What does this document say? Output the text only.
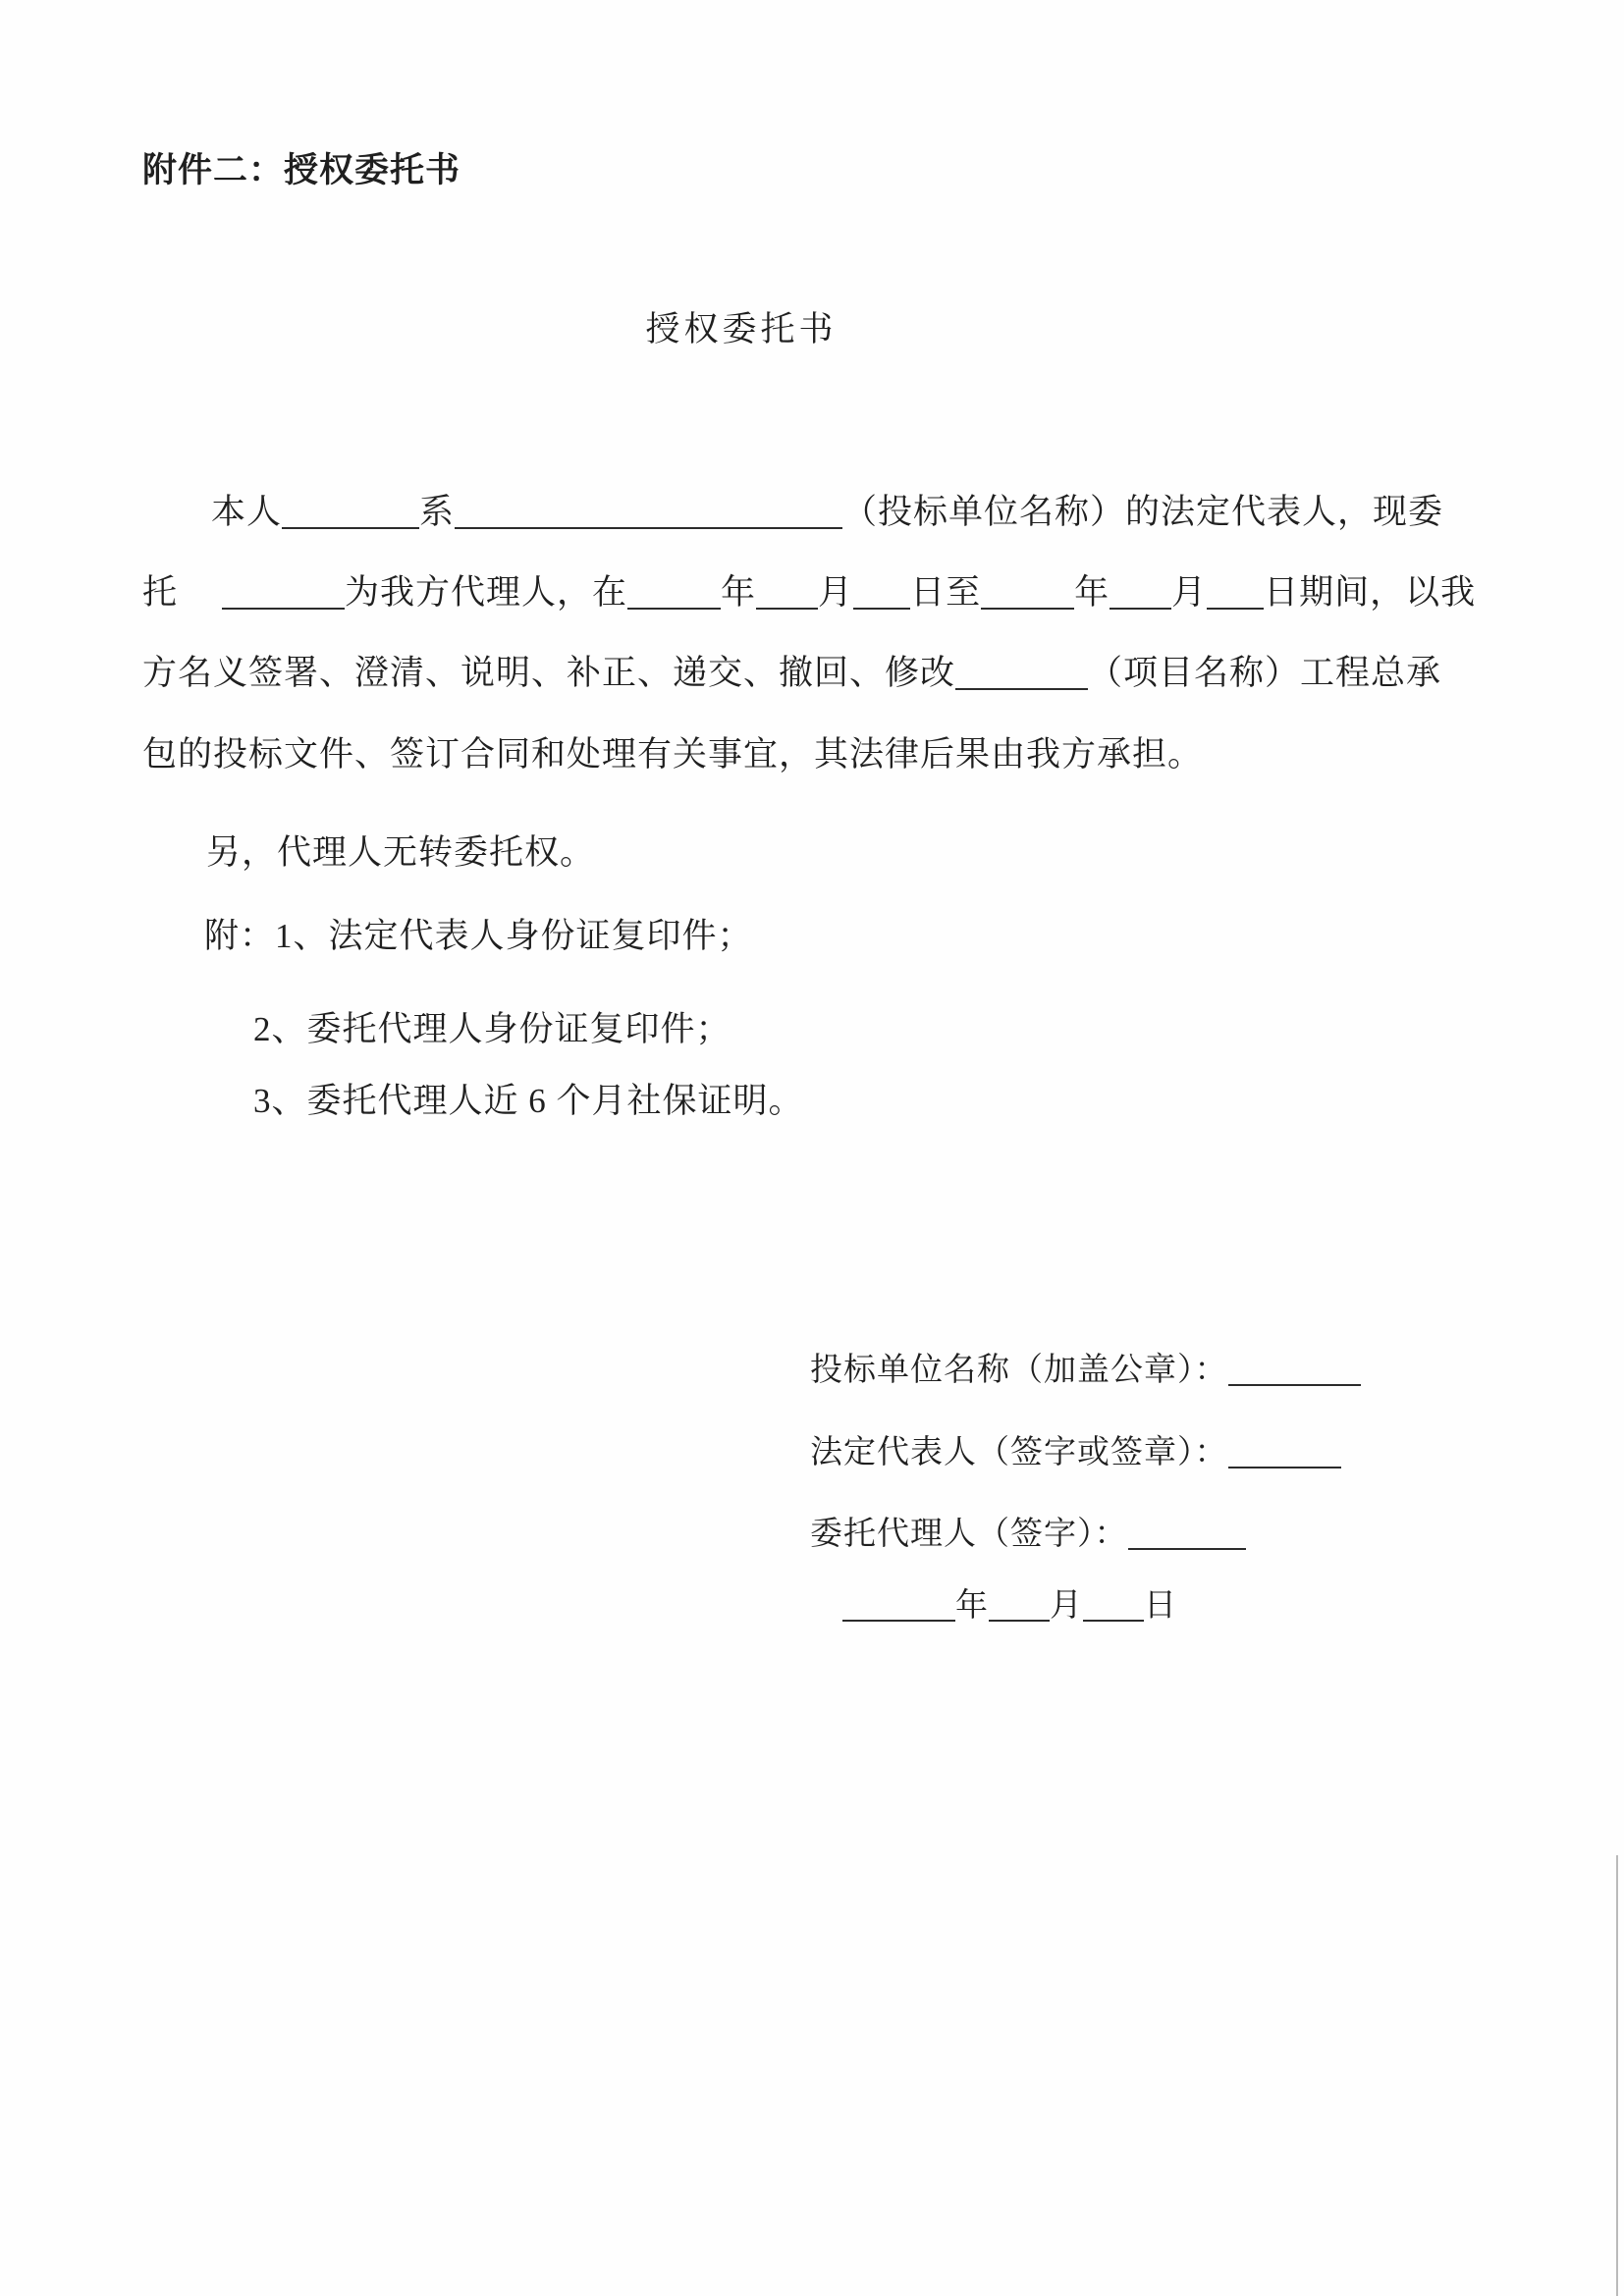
附件二：授权委托书
授权委托书
本人	系	（投标单位名称）的法定代表人，现委
托	为我方代理人，在	年 月 日至	年 月 日期间，以我
方名义签署、澄清、说明、补正、递交、撤回、修改	（项目名称）工程总承
包的投标文件、签订合同和处理有关事宜，其法律后果由我方承担。
另，代理人无转委托权。
附：1、法定代表人身份证复印件；
2、委托代理人身份证复印件；
3、委托代理人近 6 个月社保证明。
投标单位名称（加盖公章）：
法定代表人（签字或签章）：
委托代理人（签字）：
年 月 日
